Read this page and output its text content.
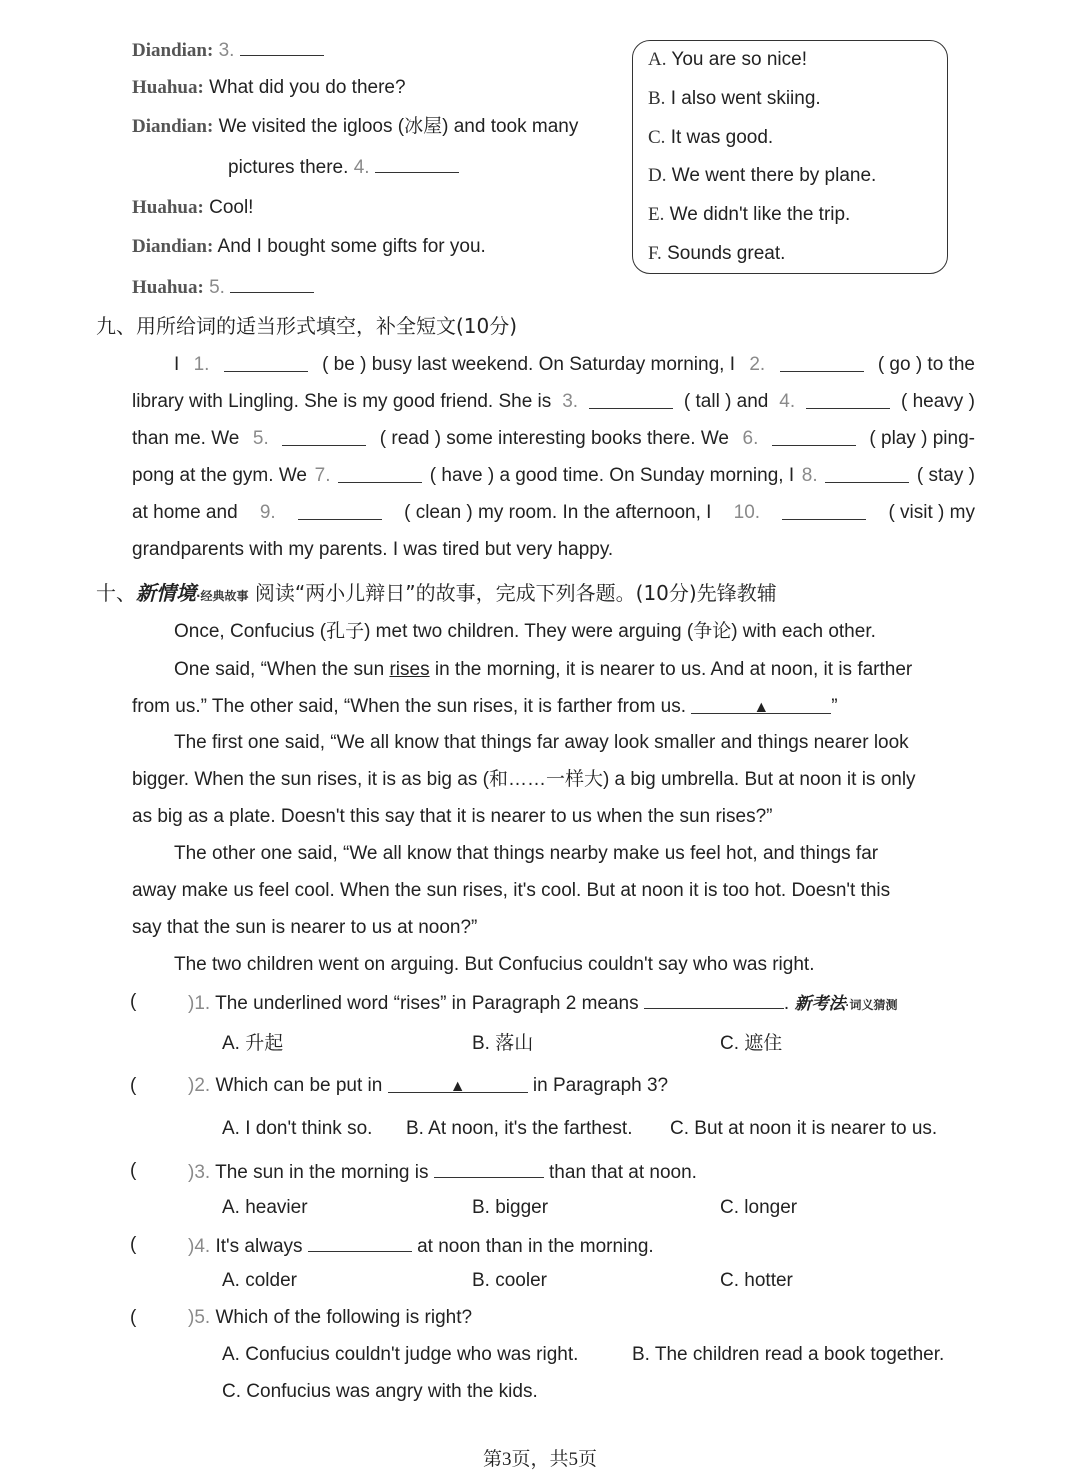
Diandian: 3.
Huahua: What did you do there?
Diandian: We visited the igloos (冰屋) and took many
pictures there. 4.
Huahua: Cool!
Diandian: And I bought some gifts for you.
Huahua: 5.
A. You are so nice!
B. I also went skiing.
C. It was good.
D. We went there by plane.
E. We didn't like the trip.
F. Sounds great.
九、用所给词的适当形式填空，补全短文(10分)
I 1.	( be ) busy last weekend. On Saturday morning, I 2.	( go ) to the
library with Lingling. She is my good friend. She is 3.	( tall ) and 4.	( heavy )
than me. We 5.	( read ) some interesting books there. We 6.	( play ) ping-
pong at the gym. We 7.	( have ) a good time. On Sunday morning, I 8.	( stay )
at home and 9.	( clean ) my room. In the afternoon, I 10.	( visit ) my
grandparents with my parents. I was tired but very happy.
十、新情境·经典故事 阅读“两小儿辩日”的故事，完成下列各题。(10分)先锋教辅
Once, Confucius (孔子) met two children. They were arguing (争论) with each other.
One said, “When the sun rises in the morning, it is nearer to us. And at noon, it is farther
from us.” The other said, “When the sun rises, it is farther from us.	▲	”
The first one said, “We all know that things far away look smaller and things nearer look
bigger. When the sun rises, it is as big as (和……一样大) a big umbrella. But at noon it is only
as big as a plate. Doesn't this say that it is nearer to us when the sun rises?”
The other one said, “We all know that things nearby make us feel hot, and things far
away make us feel cool. When the sun rises, it's cool. But at noon it is too hot. Doesn't this
say that the sun is nearer to us at noon?”
The two children went on arguing. But Confucius couldn't say who was right.
(	)1. The underlined word “rises” in Paragraph 2 means	. 新考法·词义猜测
A. 升起	B. 落山	C. 遮住
(	)2. Which can be put in	▲	in Paragraph 3?
A. I don't think so. B. At noon, it's the farthest. C. But at noon it is nearer to us.
(	)3. The sun in the morning is	than that at noon.
A. heavier	B. bigger	C. longer
(	)4. It's always	at noon than in the morning.
A. colder	B. cooler	C. hotter
(	)5. Which of the following is right?
A. Confucius couldn't judge who was right.	B. The children read a book together.
C. Confucius was angry with the kids.
第3页，共5页
